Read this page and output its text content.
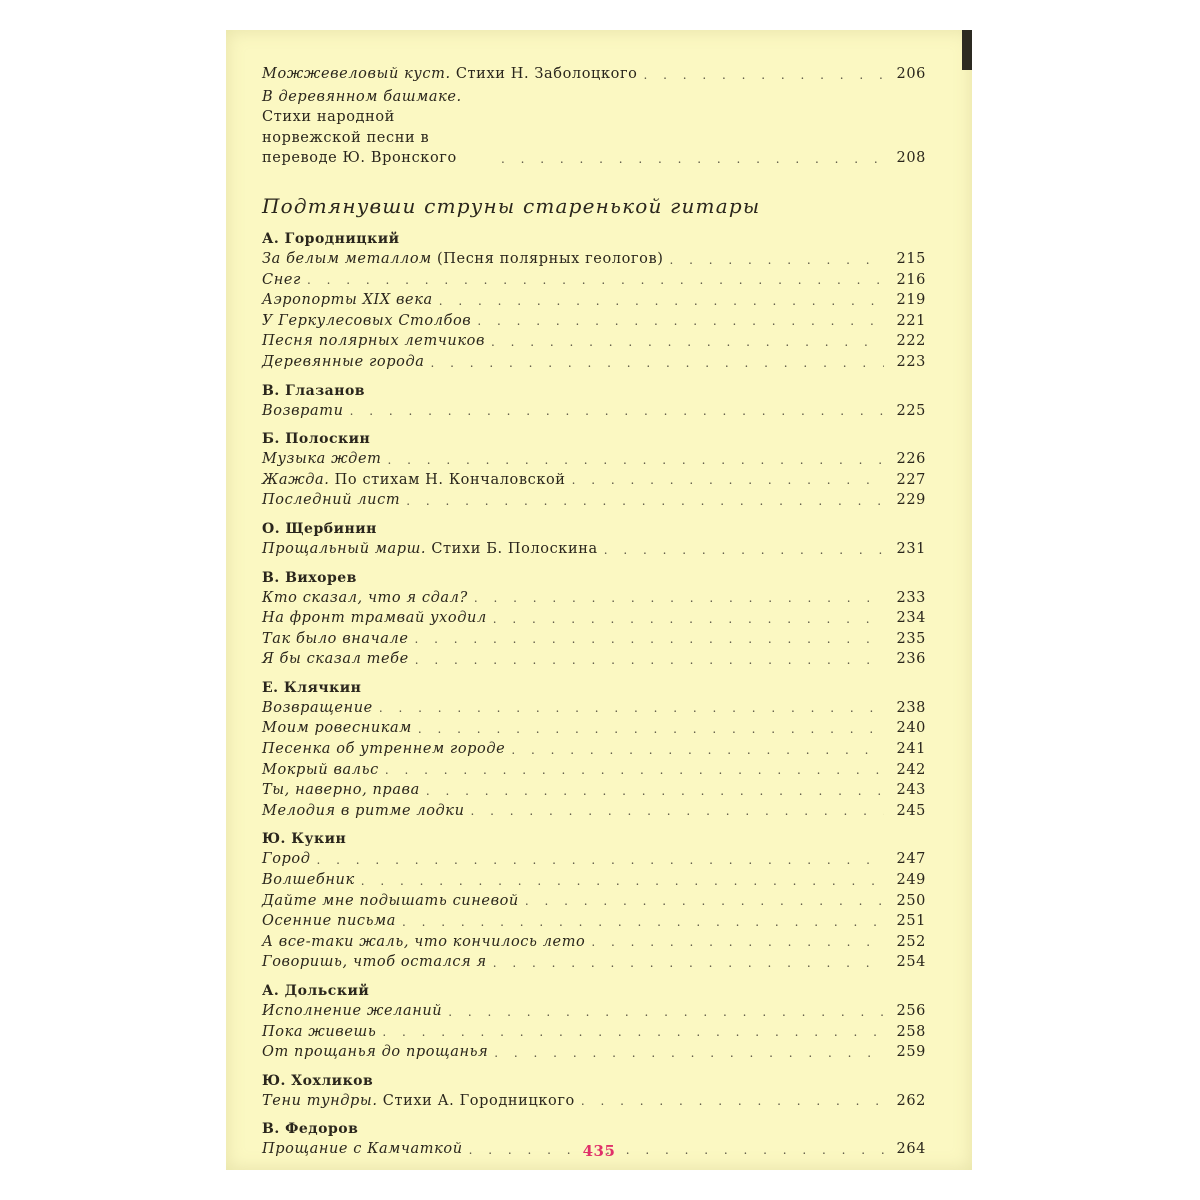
Можжевеловый куст. Стихи Н. Заболоцкого . . .	206
В деревянном башмаке. Стихи народной норвежской песни в переводе Ю. Вронского . . .	208
Подтянувши струны старенькой гитары
А. Городницкий
За белым металлом (Песня полярных геологов) . . .	215
Снег . . .	216
Аэропорты XIX века . . .	219
У Геркулесовых Столбов . . .	221
Песня полярных летчиков . . .	222
Деревянные города . . .	223
В. Глазанов
Возврати . . .	225
Б. Полоскин
Музыка ждет . . .	226
Жажда. По стихам Н. Кончаловской . . .	227
Последний лист . . .	229
О. Щербинин
Прощальный марш. Стихи Б. Полоскина . . .	231
В. Вихорев
Кто сказал, что я сдал? . . .	233
На фронт трамвай уходил . . .	234
Так было вначале . . .	235
Я бы сказал тебе . . .	236
Е. Клячкин
Возвращение . . .	238
Моим ровесникам . . .	240
Песенка об утреннем городе . . .	241
Мокрый вальс . . .	242
Ты, наверно, права . . .	243
Мелодия в ритме лодки . . .	245
Ю. Кукин
Город . . .	247
Волшебник . . .	249
Дайте мне подышать синевой . . .	250
Осенние письма . . .	251
А все-таки жаль, что кончилось лето . . .	252
Говоришь, чтоб остался я . . .	254
А. Дольский
Исполнение желаний . . .	256
Пока живешь . . .	258
От прощанья до прощанья . . .	259
Ю. Хохликов
Тени тундры. Стихи А. Городницкого . . .	262
В. Федоров
Прощание с Камчаткой . . .	264
435
